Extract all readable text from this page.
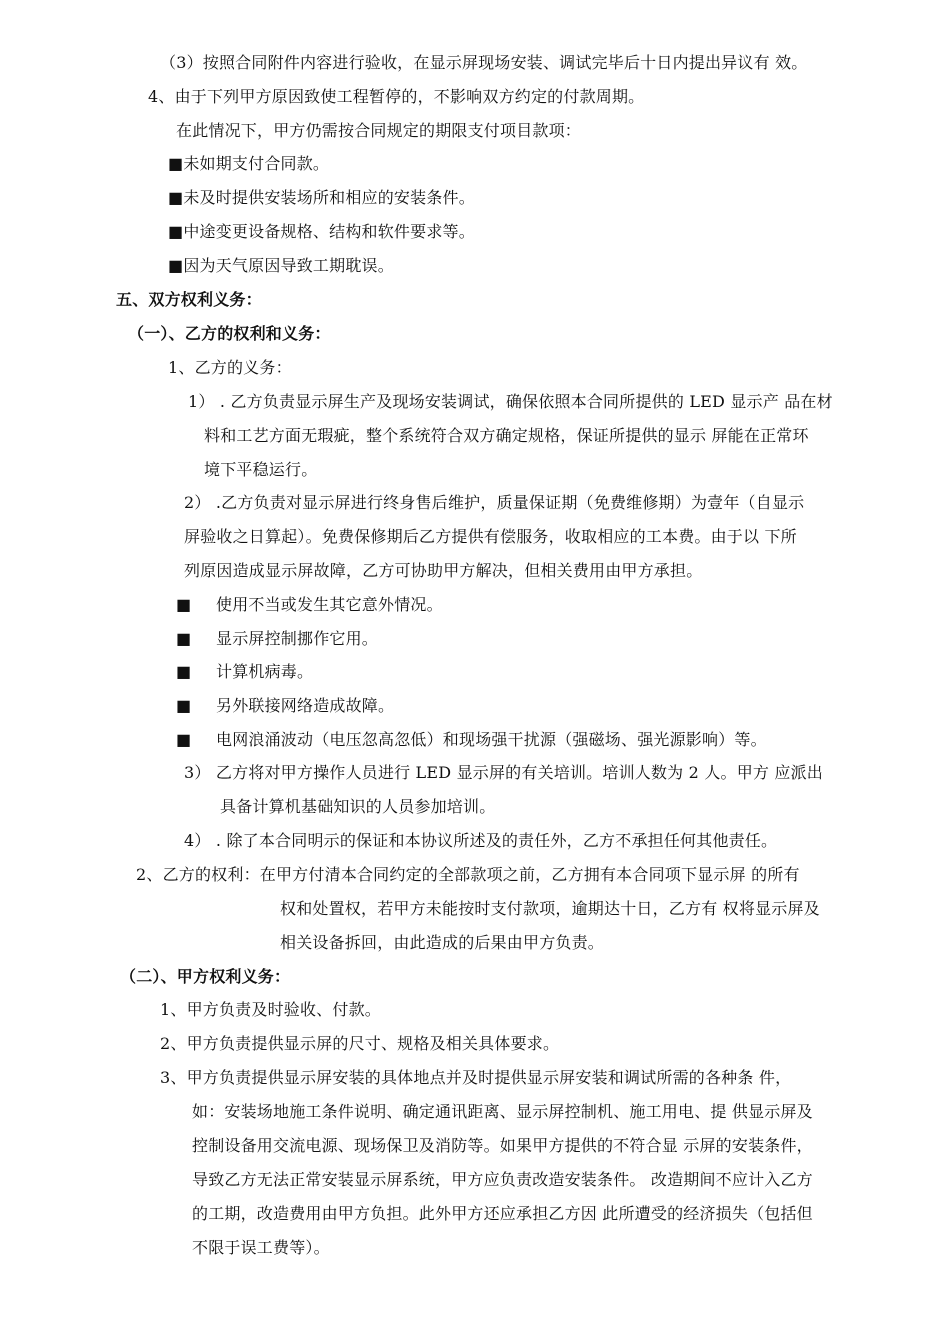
（3）按照合同附件内容进行验收，在显示屏现场安装、调试完毕后十日内提出异议有 效。
4、由于下列甲方原因致使工程暂停的，不影响双方约定的付款周期。
在此情况下，甲方仍需按合同规定的期限支付项目款项：
■未如期支付合同款。
■未及时提供安装场所和相应的安装条件。
■中途变更设备规格、结构和软件要求等。
■因为天气原因导致工期耽误。
五、双方权利义务：
（一）、乙方的权利和义务：
1、乙方的义务：
1） . 乙方负责显示屏生产及现场安装调试，确保依照本合同所提供的 LED 显示产 品在材
料和工艺方面无瑕疵，整个系统符合双方确定规格，保证所提供的显示 屏能在正常环
境下平稳运行。
2） .乙方负责对显示屏进行终身售后维护，质量保证期（免费维修期）为壹年（自显示
屏验收之日算起）。免费保修期后乙方提供有偿服务，收取相应的工本费。由于以 下所
列原因造成显示屏故障，乙方可协助甲方解决，但相关费用由甲方承担。
■ 使用不当或发生其它意外情况。
■ 显示屏控制挪作它用。
■ 计算机病毒。
■ 另外联接网络造成故障。
■ 电网浪涌波动（电压忽高忽低）和现场强干扰源（强磁场、强光源影响）等。
3） 乙方将对甲方操作人员进行 LED 显示屏的有关培训。培训人数为 2 人。甲方 应派出
具备计算机基础知识的人员参加培训。
4） . 除了本合同明示的保证和本协议所述及的责任外，乙方不承担任何其他责任。
2、乙方的权利：在甲方付清本合同约定的全部款项之前，乙方拥有本合同项下显示屏 的所有
权和处置权，若甲方未能按时支付款项，逾期达十日，乙方有 权将显示屏及
相关设备拆回，由此造成的后果由甲方负责。
（二）、甲方权利义务：
1、甲方负责及时验收、付款。
2、甲方负责提供显示屏的尺寸、规格及相关具体要求。
3、甲方负责提供显示屏安装的具体地点并及时提供显示屏安装和调试所需的各种条 件，
如：安装场地施工条件说明、确定通讯距离、显示屏控制机、施工用电、提 供显示屏及
控制设备用交流电源、现场保卫及消防等。如果甲方提供的不符合显 示屏的安装条件，
导致乙方无法正常安装显示屏系统，甲方应负责改造安装条件。 改造期间不应计入乙方
的工期，改造费用由甲方负担。此外甲方还应承担乙方因 此所遭受的经济损失（包括但
不限于误工费等）。
